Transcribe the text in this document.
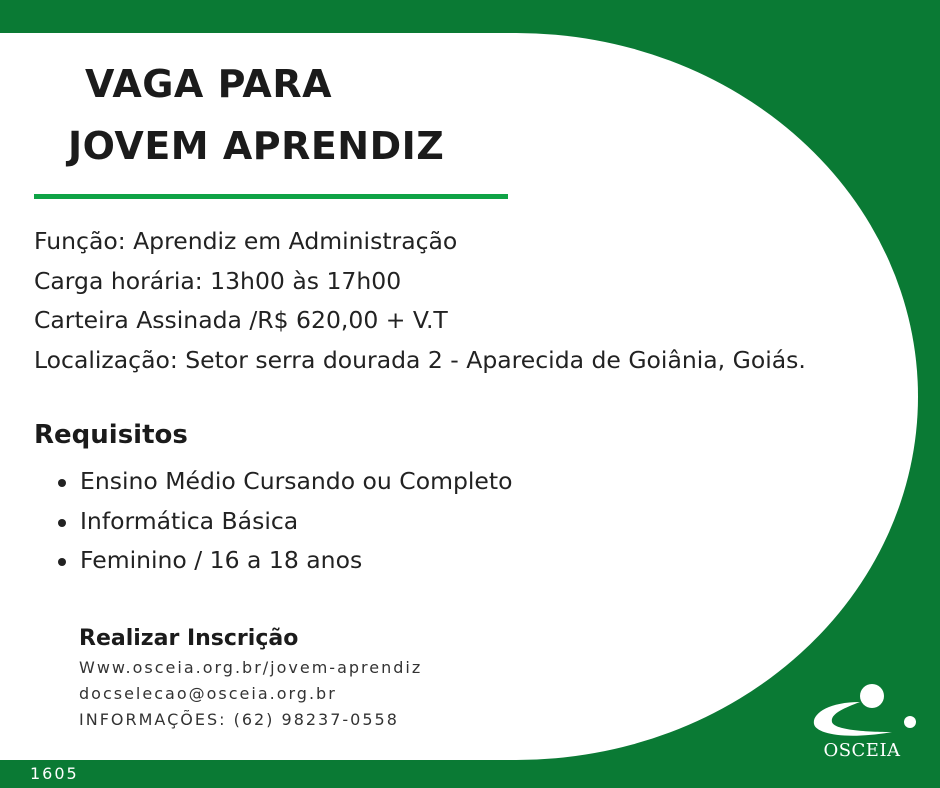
VAGA PARA
JOVEM APRENDIZ
Função: Aprendiz em Administração
Carga horária: 13h00 às 17h00
Carteira Assinada /R$ 620,00 + V.T
Localização: Setor serra dourada 2 - Aparecida de Goiânia, Goiás.
Requisitos
Ensino Médio Cursando ou Completo
Informática Básica
Feminino / 16 a 18 anos
Realizar Inscrição
Www.osceia.org.br/jovem-aprendiz
docselecao@osceia.org.br
INFORMAÇÕES: (62) 98237-0558
1605
OSCEIA
